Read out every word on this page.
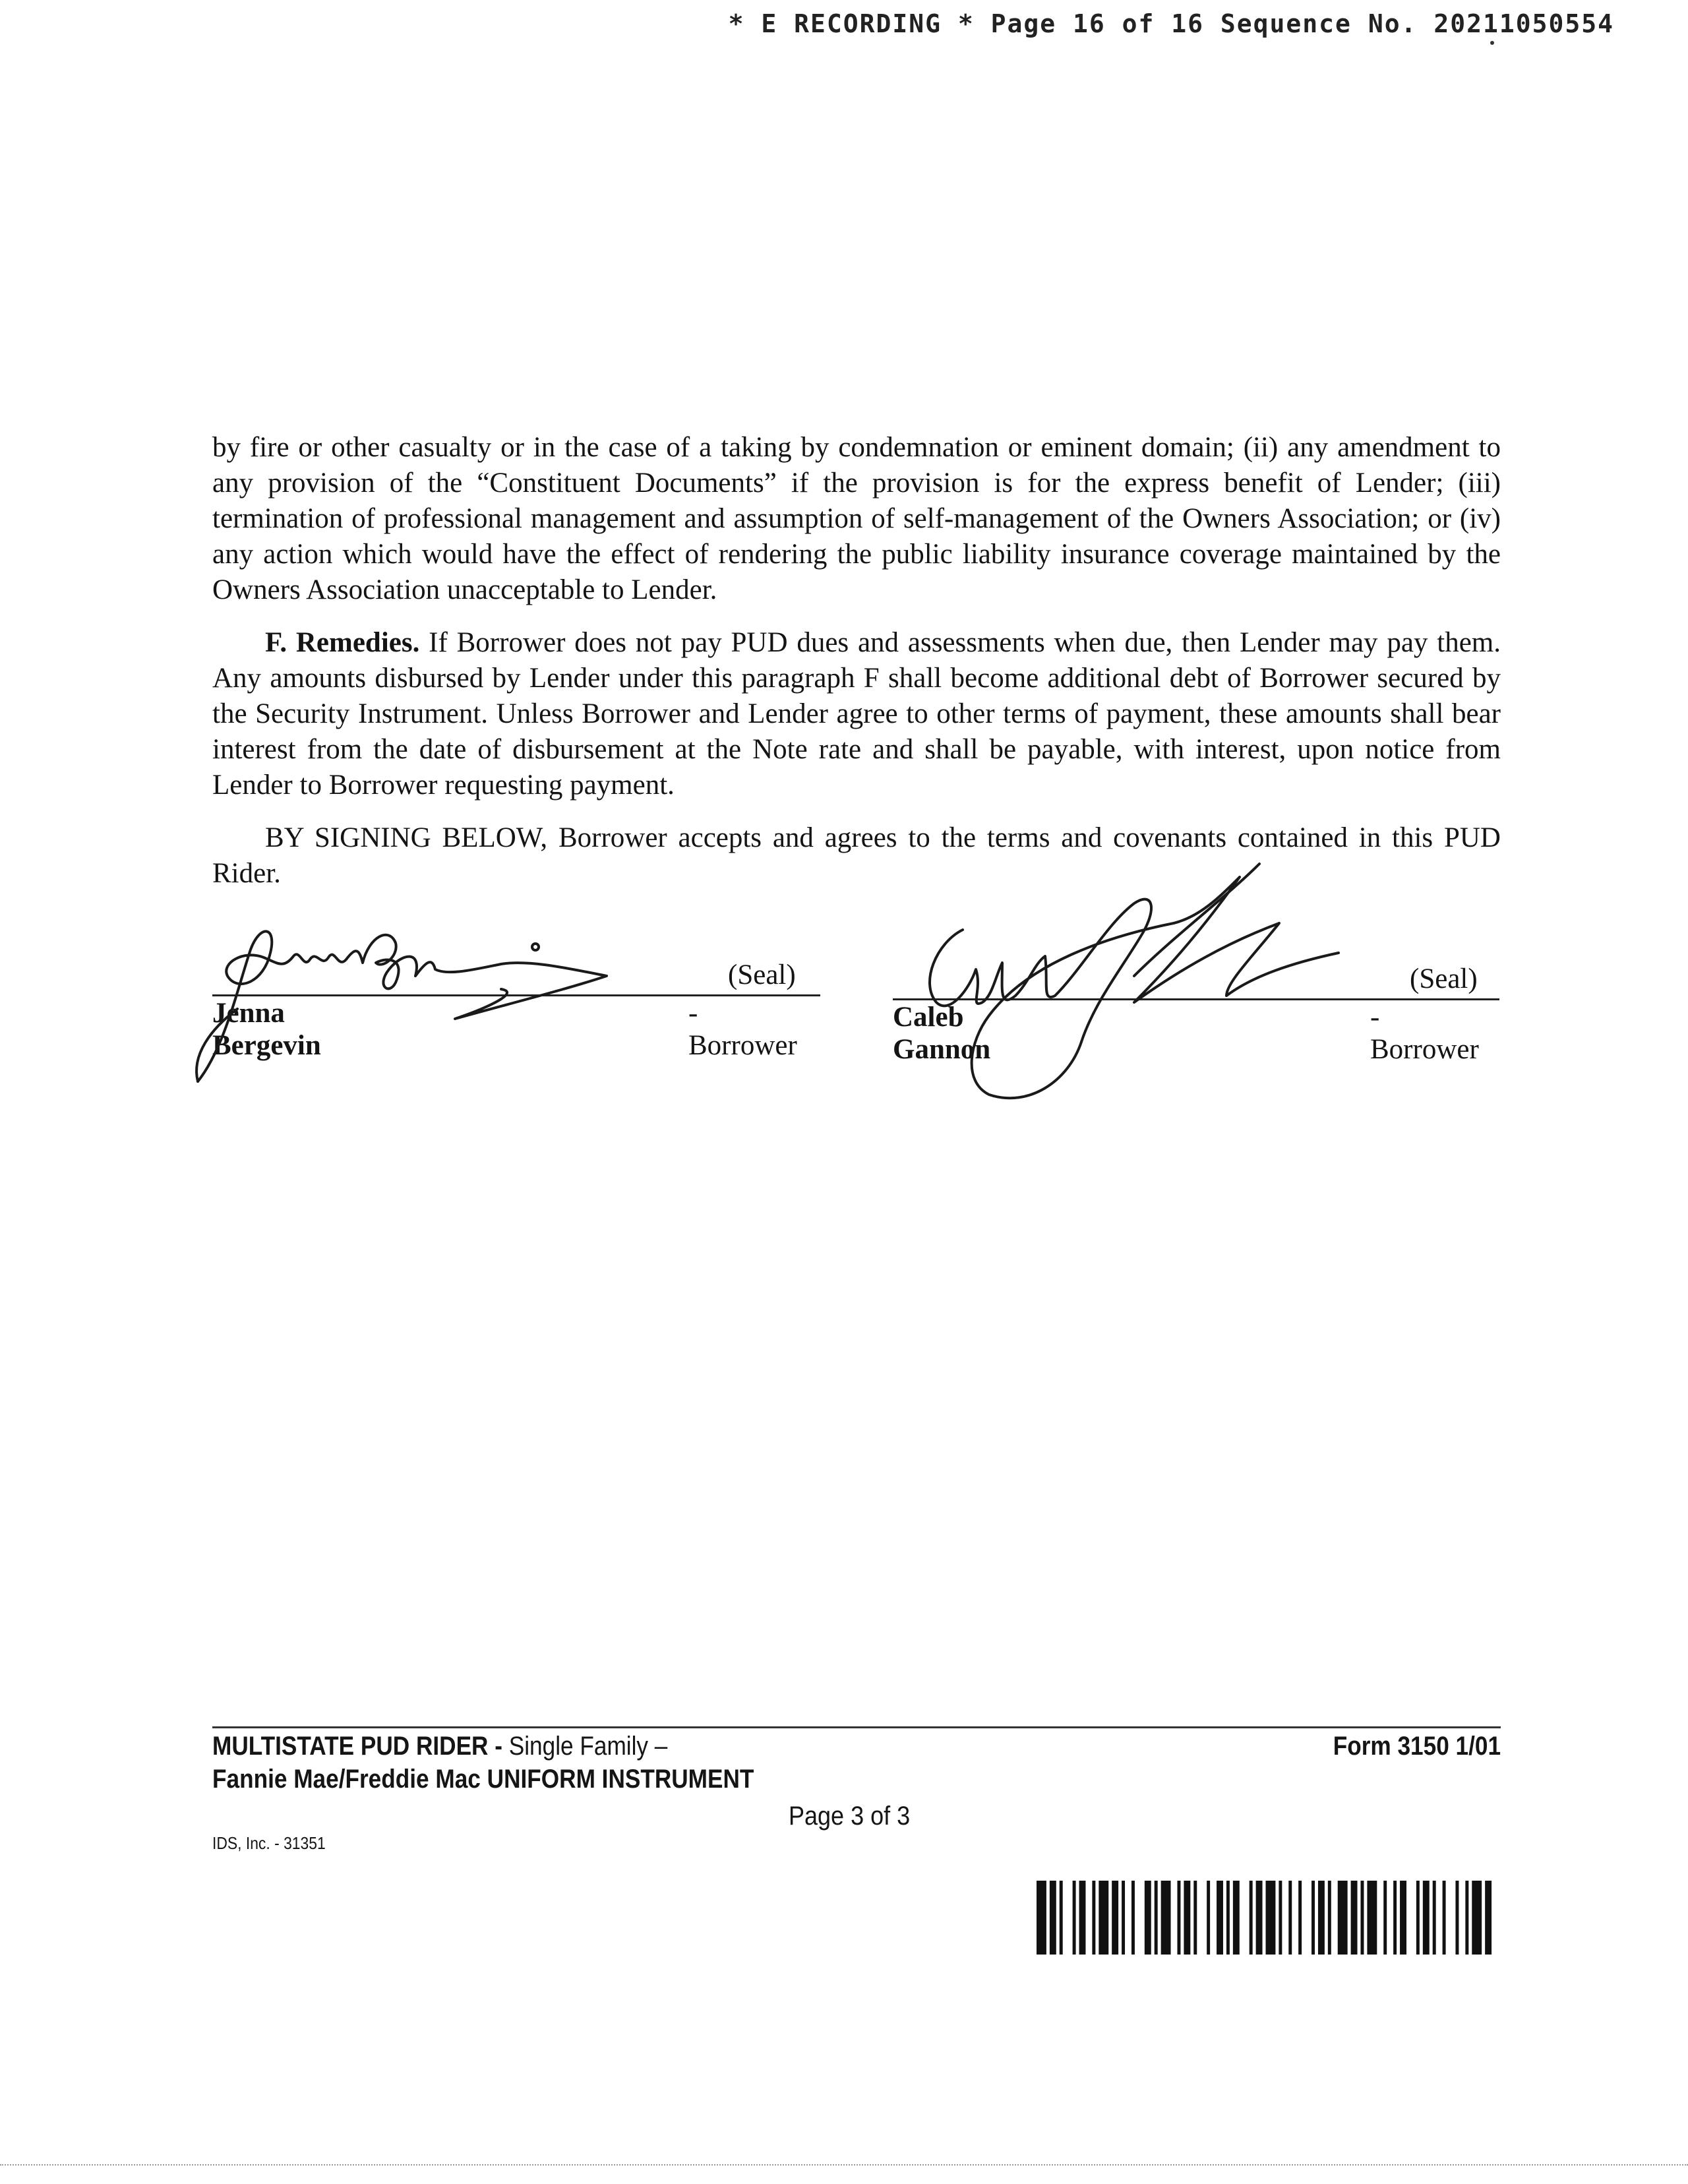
* E RECORDING * Page 16 of 16 Sequence No. 20211050554

by fire or other casualty or in the case of a taking by condemnation or eminent domain; (ii) any amendment to any provision of the “Constituent Documents” if the provision is for the express benefit of Lender; (iii) termination of professional management and assumption of self-management of the Owners Association; or (iv) any action which would have the effect of rendering the public liability insurance coverage maintained by the Owners Association unacceptable to Lender.

F. Remedies. If Borrower does not pay PUD dues and assessments when due, then Lender may pay them. Any amounts disbursed by Lender under this paragraph F shall become additional debt of Borrower secured by the Security Instrument. Unless Borrower and Lender agree to other terms of payment, these amounts shall bear interest from the date of disbursement at the Note rate and shall be payable, with interest, upon notice from Lender to Borrower requesting payment.

BY SIGNING BELOW, Borrower accepts and agrees to the terms and covenants contained in this PUD Rider.

(Seal)
Jenna Bergevin
-Borrower
(Seal)
Caleb Gannon
-Borrower
MULTISTATE PUD RIDER - Single Family –
Fannie Mae/Freddie Mac UNIFORM INSTRUMENT
Form 3150 1/01
Page 3 of 3
IDS, Inc. - 31351
